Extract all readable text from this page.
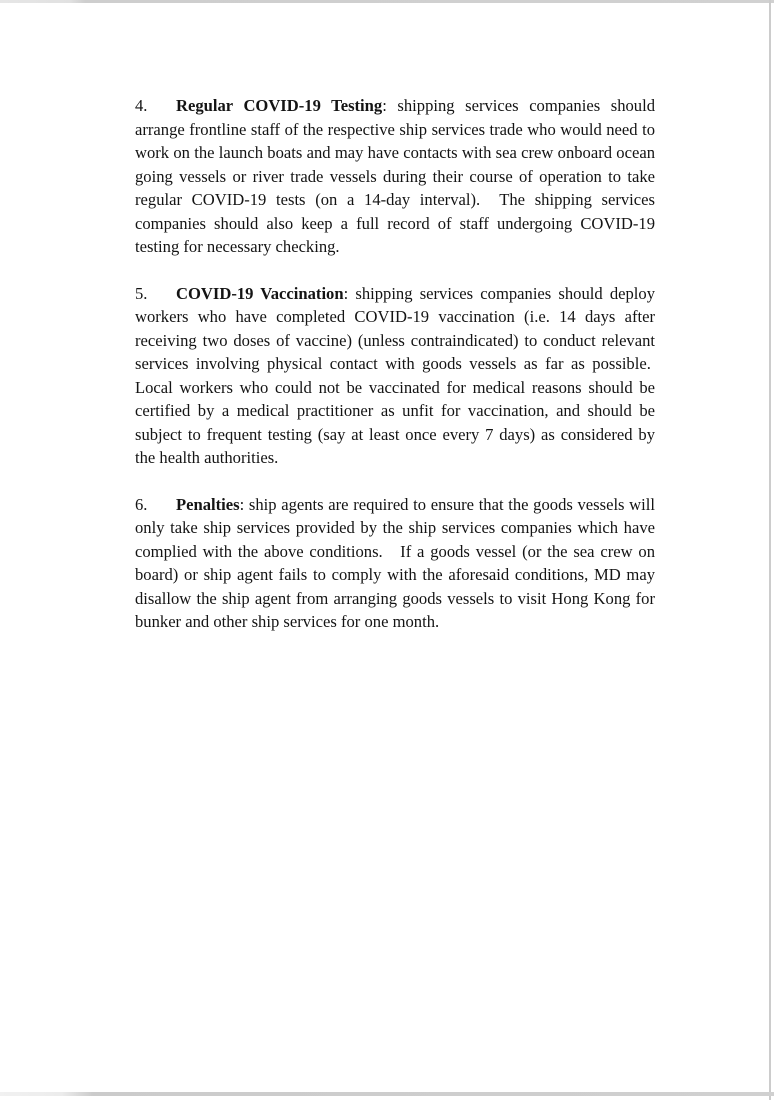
4. Regular COVID-19 Testing: shipping services companies should arrange frontline staff of the respective ship services trade who would need to work on the launch boats and may have contacts with sea crew onboard ocean going vessels or river trade vessels during their course of operation to take regular COVID-19 tests (on a 14-day interval).  The shipping services companies should also keep a full record of staff undergoing COVID-19 testing for necessary checking.

5. COVID-19 Vaccination: shipping services companies should deploy workers who have completed COVID-19 vaccination (i.e. 14 days after receiving two doses of vaccine) (unless contraindicated) to conduct relevant services involving physical contact with goods vessels as far as possible.  Local workers who could not be vaccinated for medical reasons should be certified by a medical practitioner as unfit for vaccination, and should be subject to frequent testing (say at least once every 7 days) as considered by the health authorities.

6. Penalties: ship agents are required to ensure that the goods vessels will only take ship services provided by the ship services companies which have complied with the above conditions.   If a goods vessel (or the sea crew on board) or ship agent fails to comply with the aforesaid conditions, MD may disallow the ship agent from arranging goods vessels to visit Hong Kong for bunker and other ship services for one month.
